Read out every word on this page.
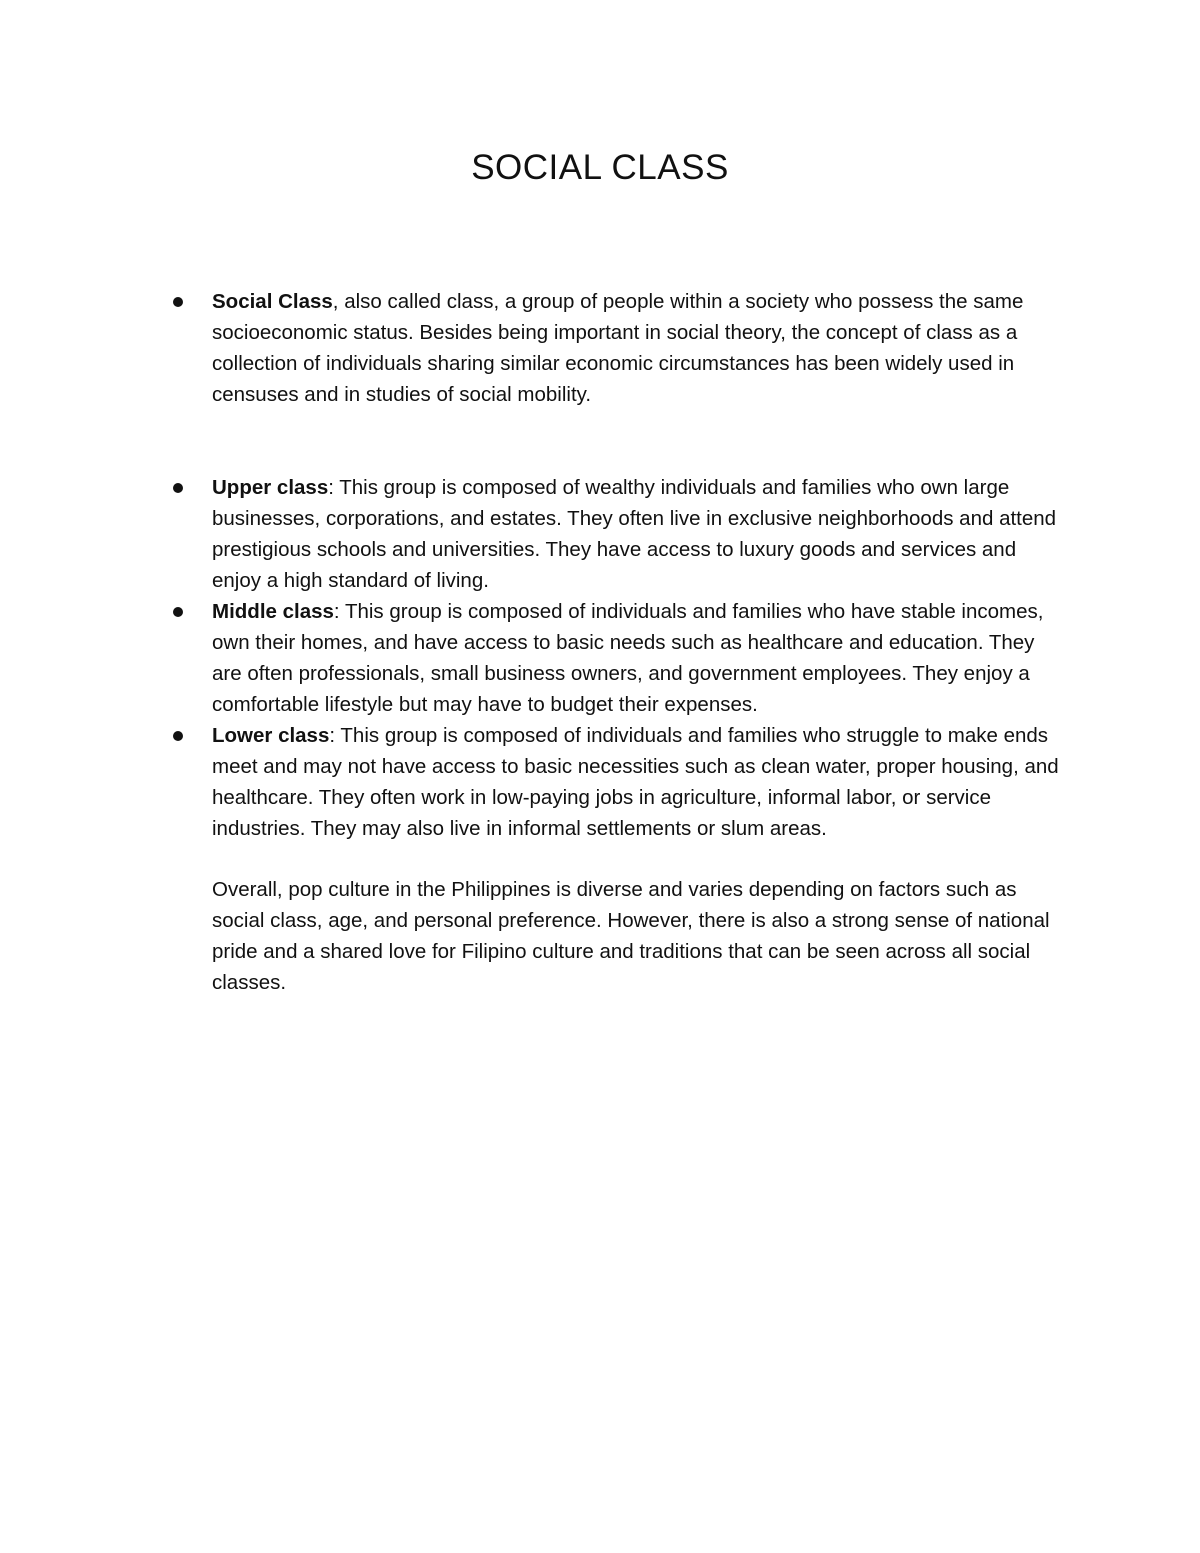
SOCIAL CLASS
Social Class, also called class, a group of people within a society who possess the same socioeconomic status. Besides being important in social theory, the concept of class as a collection of individuals sharing similar economic circumstances has been widely used in censuses and in studies of social mobility.
Upper class: This group is composed of wealthy individuals and families who own large businesses, corporations, and estates. They often live in exclusive neighborhoods and attend prestigious schools and universities. They have access to luxury goods and services and enjoy a high standard of living.
Middle class: This group is composed of individuals and families who have stable incomes, own their homes, and have access to basic needs such as healthcare and education. They are often professionals, small business owners, and government employees. They enjoy a comfortable lifestyle but may have to budget their expenses.
Lower class: This group is composed of individuals and families who struggle to make ends meet and may not have access to basic necessities such as clean water, proper housing, and healthcare. They often work in low-paying jobs in agriculture, informal labor, or service industries. They may also live in informal settlements or slum areas.

Overall, pop culture in the Philippines is diverse and varies depending on factors such as social class, age, and personal preference. However, there is also a strong sense of national pride and a shared love for Filipino culture and traditions that can be seen across all social classes.
